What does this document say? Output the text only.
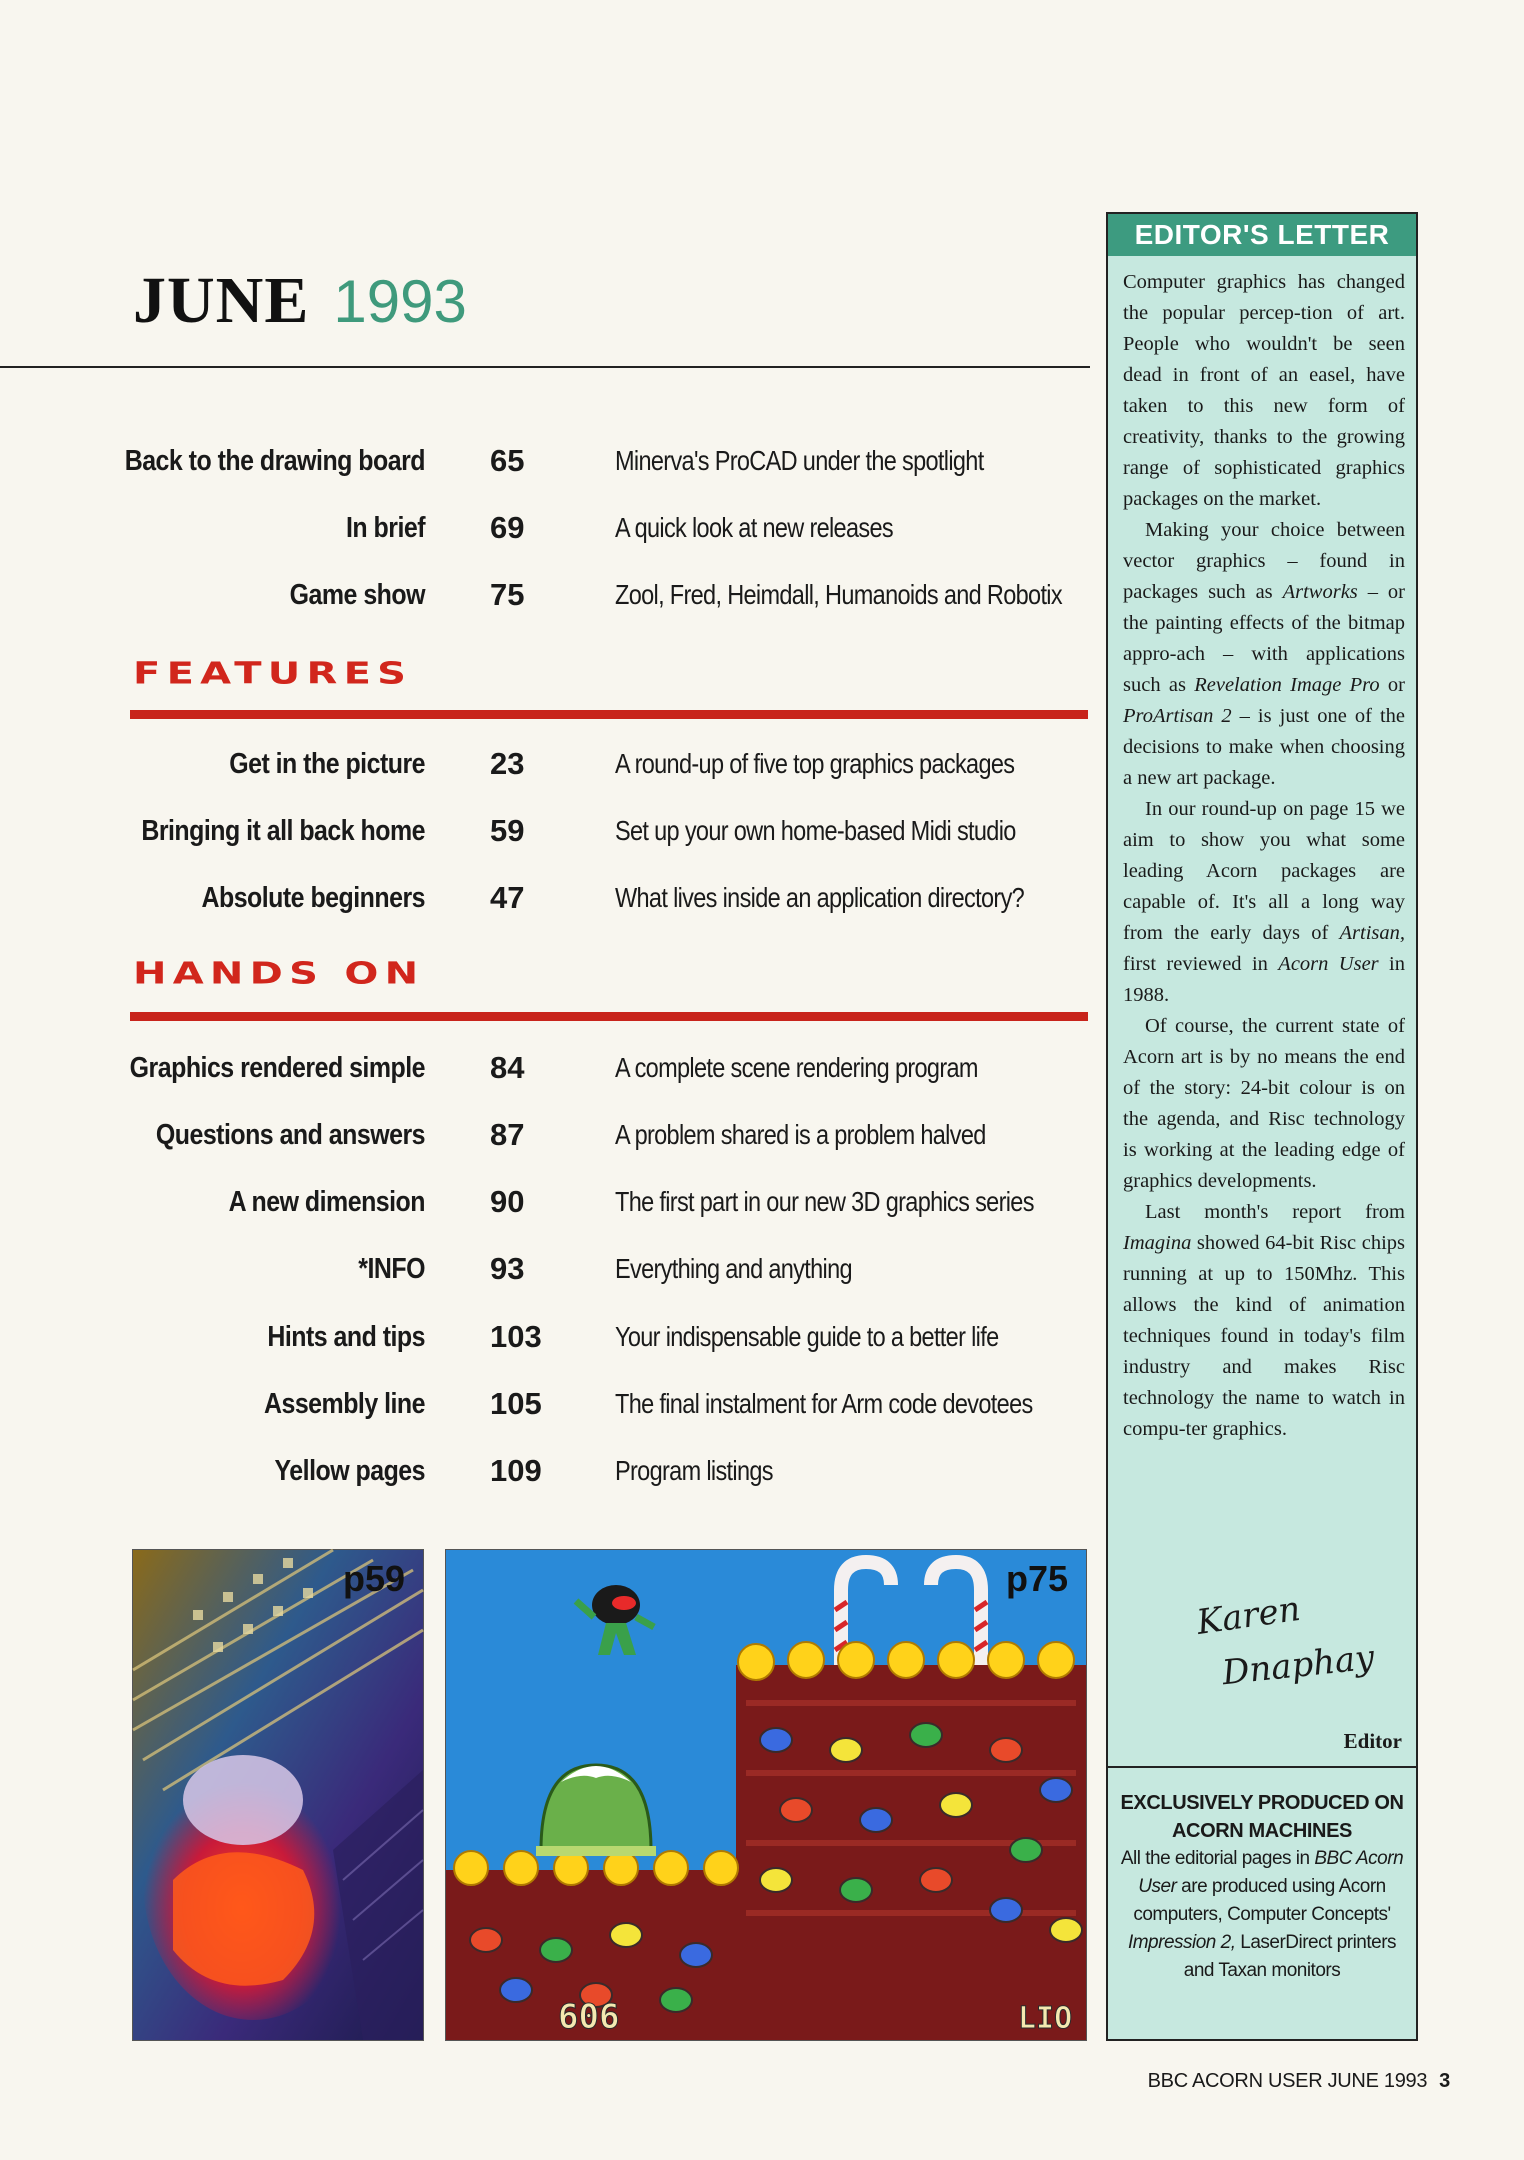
JUNE 1993
Back to the drawing board 65	Minerva's ProCAD under the spotlight
In brief 69	A quick look at new releases
Game show 75	Zool, Fred, Heimdall, Humanoids and Robotix
FEATURES
Get in the picture 23	A round-up of five top graphics packages
Bringing it all back home 59	Set up your own home-based Midi studio
Absolute beginners 47	What lives inside an application directory?
HANDS ON
Graphics rendered simple 84	A complete scene rendering program
Questions and answers 87	A problem shared is a problem halved
A new dimension 90	The first part in our new 3D graphics series
*INFO 93	Everything and anything
Hints and tips 103	Your indispensable guide to a better life
Assembly line 105	The final instalment for Arm code devotees
Yellow pages 109	Program listings
p59
606	LIO
p75
EDITOR'S LETTER

Computer graphics has changed the popular percep-tion of art. People who wouldn't be seen dead in front of an easel, have taken to this new form of creativity, thanks to the growing range of sophisticated graphics packages on the market.

Making your choice between vector graphics – found in packages such as Artworks – or the painting effects of the bitmap appro-ach – with applications such as Revelation Image Pro or ProArtisan 2 – is just one of the decisions to make when choosing a new art package.

In our round-up on page 15 we aim to show you what some leading Acorn packages are capable of. It's all a long way from the early days of Artisan, first reviewed in Acorn User in 1988.

Of course, the current state of Acorn art is by no means the end of the story: 24-bit colour is on the agenda, and Risc technology is working at the leading edge of graphics developments.

Last month's report from Imagina showed 64-bit Risc chips running at up to 150Mhz. This allows the kind of animation techniques found in today's film industry and makes Risc technology the name to watch in compu-ter graphics.

Karen
Dnaphay
Editor
EXCLUSIVELY PRODUCED ON ACORN MACHINES
All the editorial pages in BBC Acorn User are produced using Acorn computers, Computer Concepts' Impression 2, LaserDirect printers and Taxan monitors
BBC ACORN USER JUNE 1993 3
